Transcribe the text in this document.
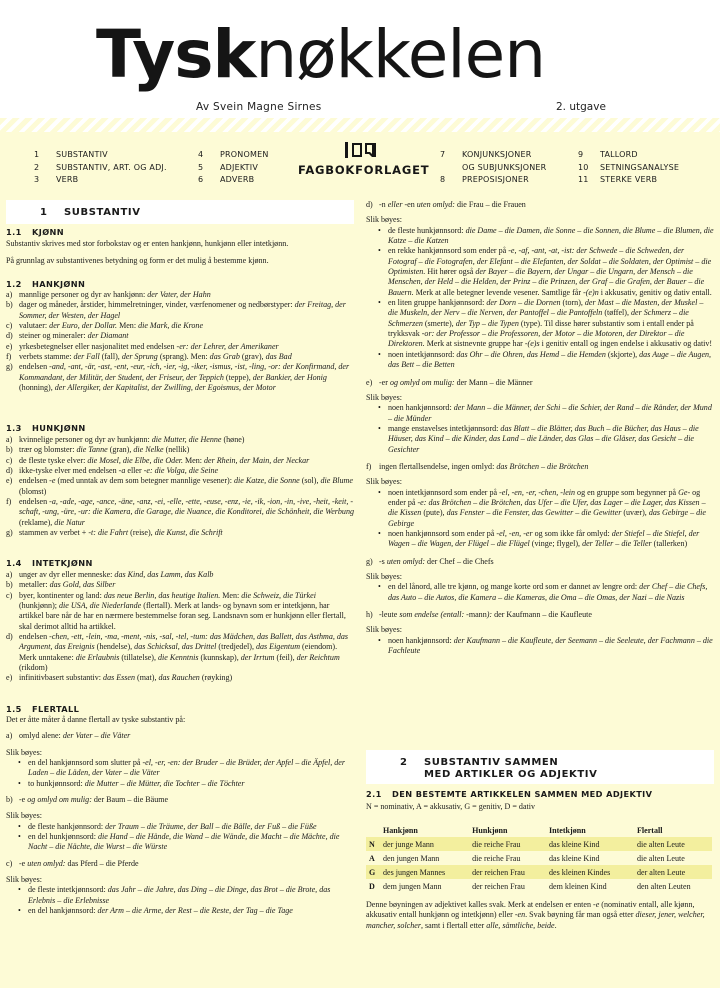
Tysknøkkelen
Av Svein Magne Sirnes	2. utgave
1	SUBSTANTIV
2	SUBSTANTIV, ART. OG ADJ.
3	VERB
4	PRONOMEN
5	ADJEKTIV
6	ADVERB
7	KONJUNKSJONER
OG SUBJUNKSJONER
8	PREPOSISJONER
9	TALLORD
10	SETNINGSANALYSE
11	STERKE VERB
FAGBOKFORLAGET
1 SUBSTANTIV
1.1 KJØNN
Substantiv skrives med stor forbokstav og er enten hankjønn, hunkjønn eller intetkjønn.
På grunnlag av substantivenes betydning og form er det mulig å bestemme kjønn.
1.2 HANKJØNN
a) mannlige personer og dyr av hankjønn: der Vater, der Hahn
b) dager og måneder, årstider, himmelretninger, vinder, værfenomener og nedbørstyper: der Freitag, der Sommer, der Westen, der Hagel
c) valutaer: der Euro, der Dollar. Men: die Mark, die Krone
d) steiner og mineraler: der Diamant
e) yrkesbetegnelser eller nasjonalitet med endelsen -er: der Lehrer, der Amerikaner
f) verbets stamme: der Fall (fall), der Sprung (sprang). Men: das Grab (grav), das Bad
g) endelsen -and, -ant, -är, -ast, -ent, -eur, -ich, -ier, -ig, -iker, -ismus, -ist, -ling, -or: der Konfirmand, der Kommandant, der Militär, der Student, der Friseur, der Teppich (teppe), der Bankier, der Honig (honning), der Allergiker, der Kapitalist, der Zwilling, der Egoismus, der Motor
1.3 HUNKJØNN
a) kvinnelige personer og dyr av hunkjønn: die Mutter, die Henne (høne)
b) trær og blomster: die Tanne (gran), die Nelke (nellik)
c) de fleste tyske elver: die Mosel, die Elbe, die Oder. Men: der Rhein, der Main, der Neckar
d) ikke-tyske elver med endelsen -a eller -e: die Volga, die Seine
e) endelsen -e (med unntak av dem som betegner mannlige vesener): die Katze, die Sonne (sol), die Blume (blomst)
f) endelsen -a, -ade, -age, -ance, -äne, -anz, -ei, -elle, -ette, -euse, -enz, -ie, -ik, -ion, -in, -ive, -heit, -keit, -schaft, -ung, -üre, -ur: die Kamera, die Garage, die Nuance, die Konditorei, die Schönheit, die Werbung (reklame), die Natur
g) stammen av verbet + -t: die Fahrt (reise), die Kunst, die Schrift
1.4 INTETKJØNN
a) unger av dyr eller menneske: das Kind, das Lamm, das Kalb
b) metaller: das Gold, das Silber
c) byer, kontinenter og land: das neue Berlin, das heutige Italien. Men: die Schweiz, die Türkei (hunkjønn); die USA, die Niederlande (flertall). Merk at lands- og bynavn som er intetkjønn, har artikkel bare når de har en nærmere bestemmelse foran seg. Landsnavn som er hunkjønn eller flertall, skal derimot alltid ha artikkel.
d) endelsen -chen, -ett, -lein, -ma, -ment, -nis, -sal, -tel, -tum: das Mädchen, das Ballett, das Asthma, das Argument, das Ereignis (hendelse), das Schicksal, das Drittel (tredjedel), das Eigentum (eiendom). Merk unntakene: die Erlaubnis (tillatelse), die Kenntnis (kunnskap), der Irrtum (feil), der Reichtum (rikdom)
e) infinitivbasert substantiv: das Essen (mat), das Rauchen (røyking)
1.5 FLERTALL
Det er åtte måter å danne flertall av tyske substantiv på:
a) omlyd alene: der Vater – die Väter
Slik bøyes:
• en del hankjønnsord som slutter på -el, -er, -en: der Bruder – die Brüder, der Apfel – die Äpfel, der Laden – die Läden, der Vater – die Väter
• to hunkjønnsord: die Mutter – die Mütter, die Tochter – die Töchter
b) -e og omlyd om mulig: der Baum – die Bäume
Slik bøyes:
• de fleste hankjønnsord: der Traum – die Träume, der Ball – die Bälle, der Fuß – die Füße
• en del hunkjønnsord: die Hand – die Hände, die Wand – die Wände, die Macht – die Mächte, die Nacht – die Nächte, die Wurst – die Würste
c) -e uten omlyd: das Pferd – die Pferde
Slik bøyes:
• de fleste intetkjønnsord: das Jahr – die Jahre, das Ding – die Dinge, das Brot – die Brote, das Erlebnis – die Erlebnisse
• en del hankjønnsord: der Arm – die Arme, der Rest – die Reste, der Tag – die Tage
d) -n eller -en uten omlyd: die Frau – die Frauen
Slik bøyes:
• de fleste hunkjønnsord: die Dame – die Damen, die Sonne – die Sonnen, die Blume – die Blumen, die Katze – die Katzen
• en rekke hankjønnsord som ender på -e, -af, -ant, -at, -ist: der Schwede – die Schweden, der Fotograf – die Fotografen, der Elefant – die Elefanten, der Soldat – die Soldaten, der Optimist – die Optimisten. Hit hører også der Bayer – die Bayern, der Ungar – die Ungarn, der Mensch – die Menschen, der Held – die Helden, der Prinz – die Prinzen, der Graf – die Grafen, der Bauer – die Bauern. Merk at alle betegner levende vesener. Samtlige får -(e)n i akkusativ, genitiv og dativ entall.
• en liten gruppe hankjønnsord: der Dorn – die Dornen (torn), der Mast – die Masten, der Muskel – die Muskeln, der Nerv – die Nerven, der Pantoffel – die Pantoffeln (tøffel), der Schmerz – die Schmerzen (smerte), der Typ – die Typen (type). Til disse hører substantiv som i entall ender på trykksvak -or: der Professor – die Professoren, der Motor – die Motoren, der Direktor – die Direktoren. Merk at sistnevnte gruppe har -(e)s i genitiv entall og ingen endelse i akkusativ og dativ!
• noen intetkjønnsord: das Ohr – die Ohren, das Hemd – die Hemden (skjorte), das Auge – die Augen, das Bett – die Betten
e) -er og omlyd om mulig: der Mann – die Männer
Slik bøyes:
• noen hankjønnsord: der Mann – die Männer, der Schi – die Schier, der Rand – die Ränder, der Mund – die Münder
• mange enstavelses intetkjønnsord: das Blatt – die Blätter, das Buch – die Bücher, das Haus – die Häuser, das Kind – die Kinder, das Land – die Länder, das Glas – die Gläser, das Gesicht – die Gesichter
f) ingen flertallsendelse, ingen omlyd: das Brötchen – die Brötchen
Slik bøyes:
• noen intetkjønnsord som ender på -el, -en, -er, -chen, -lein og en gruppe som begynner på Ge- og ender på -e: das Brötchen – die Brötchen, das Ufer – die Ufer, das Lager – die Lager, das Kissen – die Kissen (pute), das Fenster – die Fenster, das Gewitter – die Gewitter (uvær), das Gebirge – die Gebirge
• noen hankjønnsord som ender på -el, -en, -er og som ikke får omlyd: der Stiefel – die Stiefel, der Wagen – die Wagen, der Flügel – die Flügel (vinge; flygel), der Teller – die Teller (tallerken)
g) -s uten omlyd: der Chef – die Chefs
Slik bøyes:
• en del lånord, alle tre kjønn, og mange korte ord som er dannet av lengre ord: der Chef – die Chefs, das Auto – die Autos, die Kamera – die Kameras, die Oma – die Omas, der Nazi – die Nazis
h) -leute som endelse (entall: -mann): der Kaufmann – die Kaufleute
Slik bøyes:
• noen hankjønnsord: der Kaufmann – die Kaufleute, der Seemann – die Seeleute, der Fachmann – die Fachleute
2 SUBSTANTIV SAMMEN
MED ARTIKLER OG ADJEKTIV
2.1 DEN BESTEMTE ARTIKKELEN SAMMEN MED ADJEKTIV
N = nominativ, A = akkusativ, G = genitiv, D = dativ
	Hankjønn	Hunkjønn	Intetkjønn	Flertall
N	der junge Mann	die reiche Frau	das kleine Kind	die alten Leute
A	den jungen Mann	die reiche Frau	das kleine Kind	die alten Leute
G	des jungen Mannes	der reichen Frau	des kleinen Kindes	der alten Leute
D	dem jungen Mann	der reichen Frau	dem kleinen Kind	den alten Leuten
Denne bøyningen av adjektivet kalles svak. Merk at endelsen er enten -e (nominativ entall, alle kjønn, akkusativ entall hunkjønn og intetkjønn) eller -en. Svak bøyning får man også etter dieser, jener, welcher, mancher, solcher, samt i flertall etter alle, sämtliche, beide.
